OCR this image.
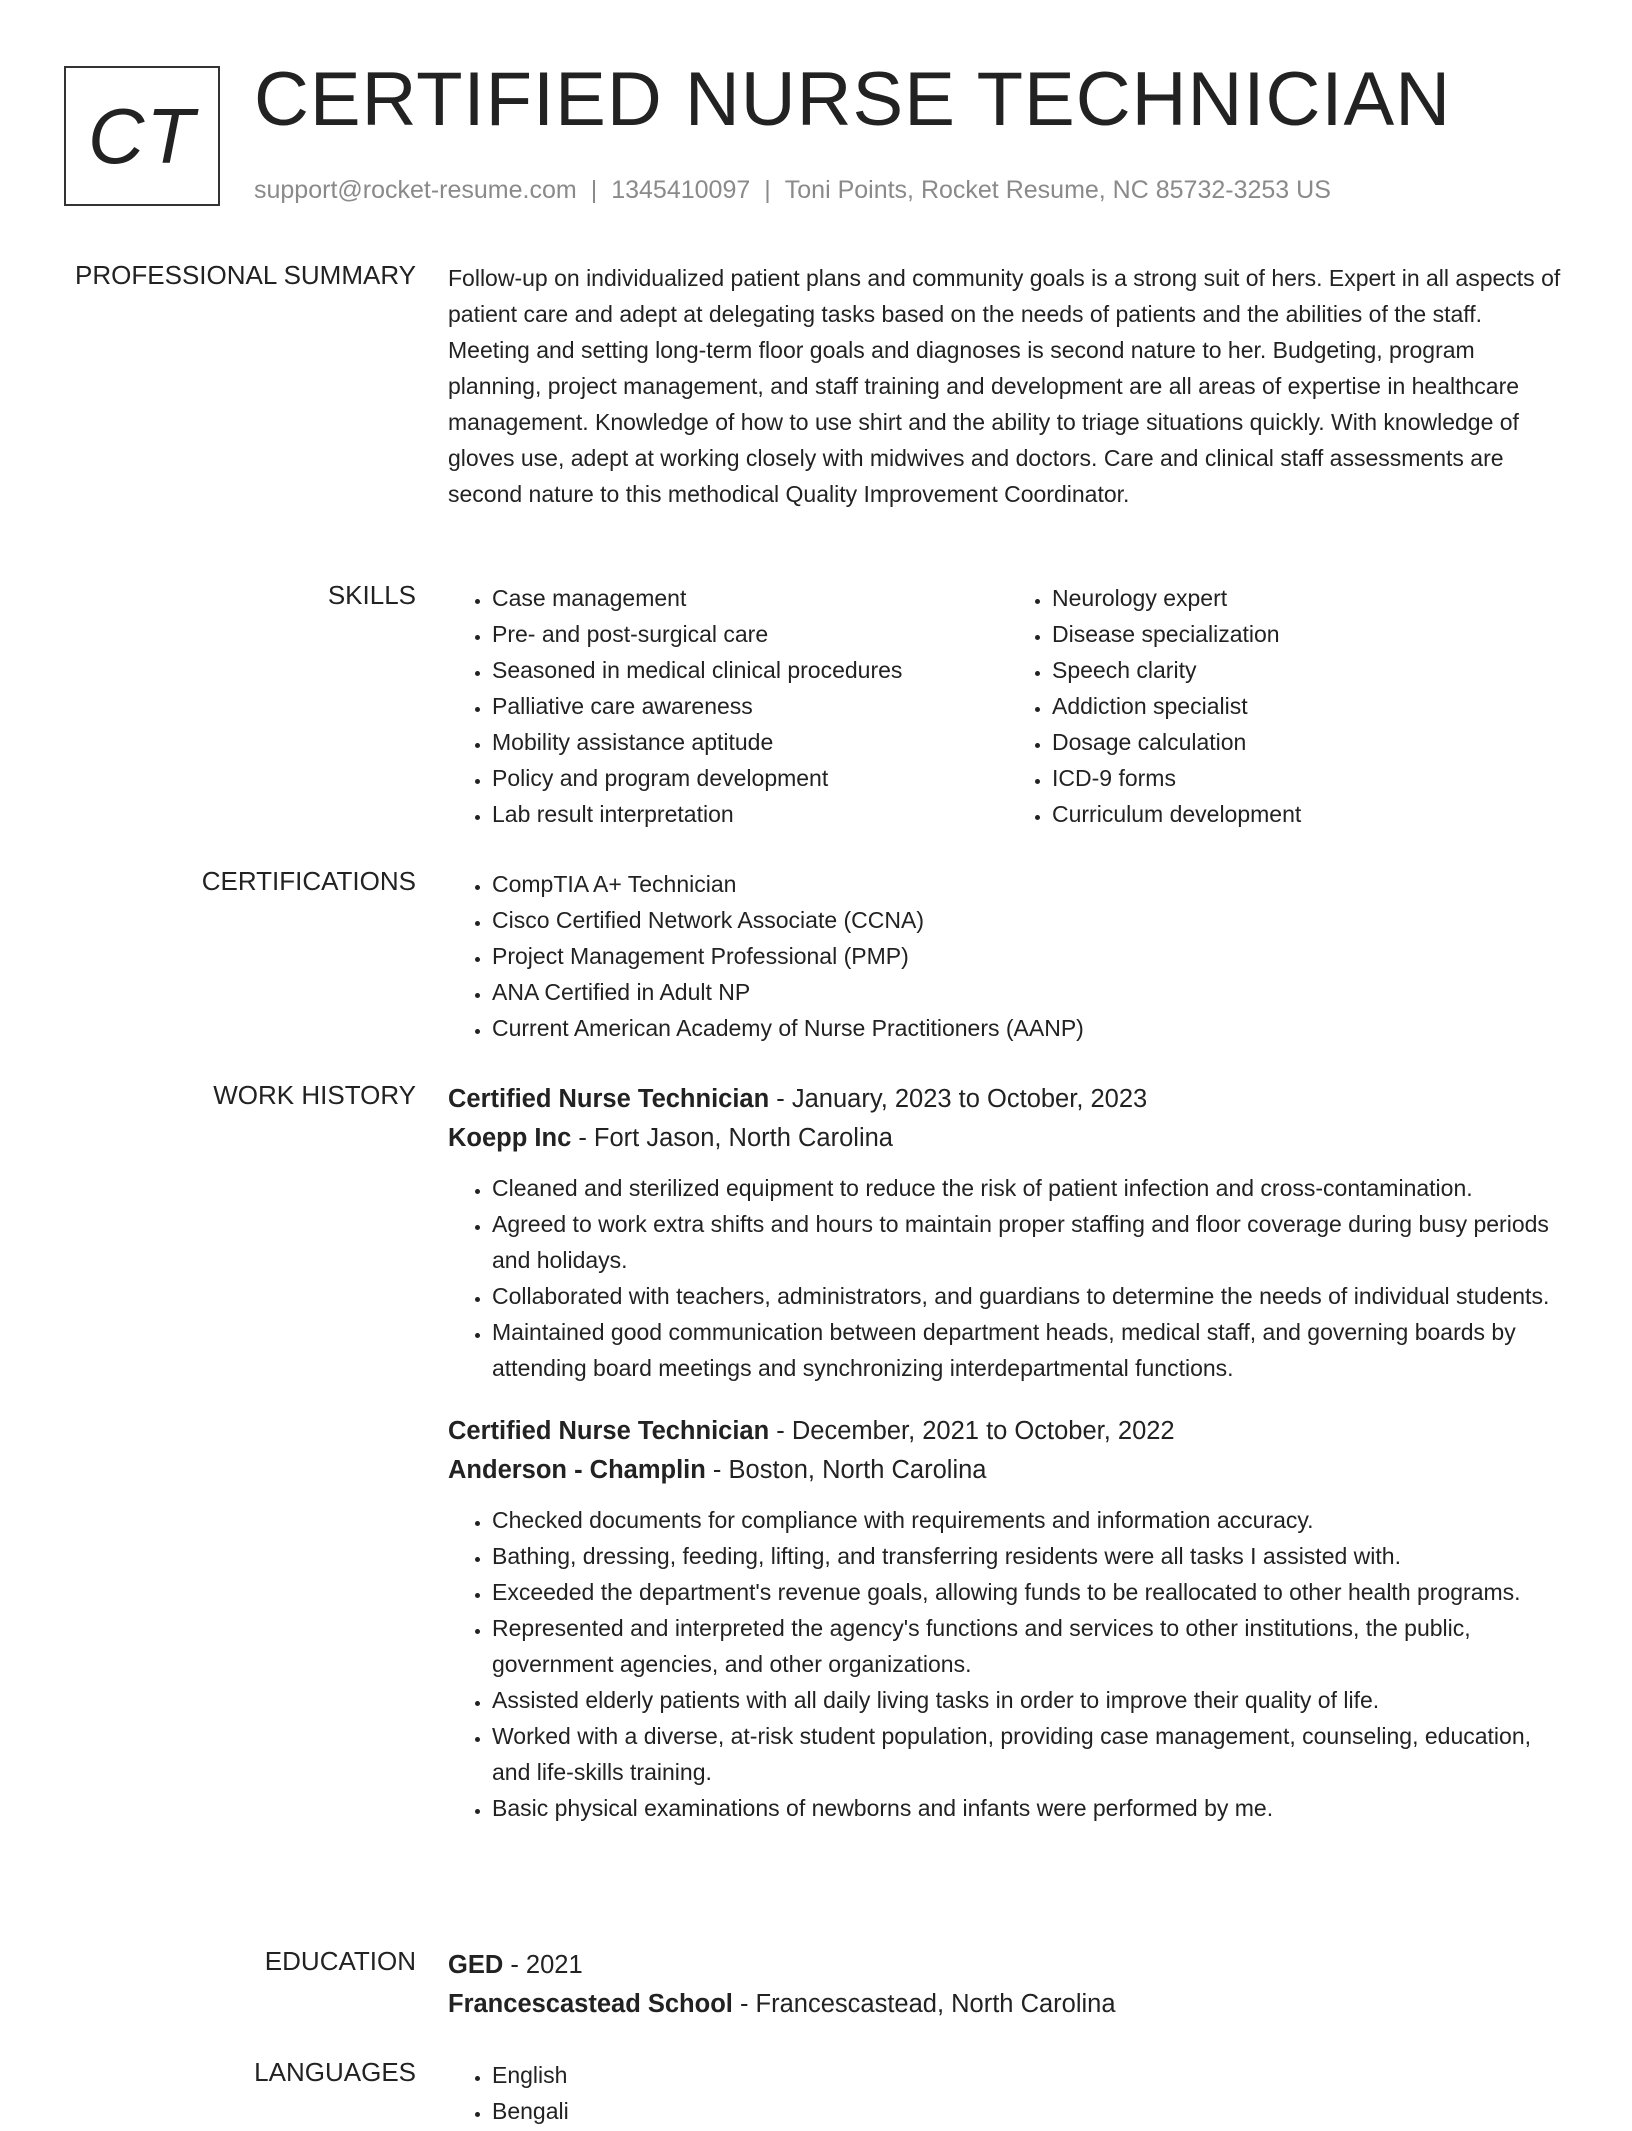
CT CERTIFIED NURSE TECHNICIAN
support@rocket-resume.com | 1345410097 | Toni Points, Rocket Resume, NC 85732-3253 US
PROFESSIONAL SUMMARY Follow-up on individualized patient plans and community goals is a strong suit of hers. Expert in all aspects of patient care and adept at delegating tasks based on the needs of patients and the abilities of the staff. Meeting and setting long-term floor goals and diagnoses is second nature to her. Budgeting, program planning, project management, and staff training and development are all areas of expertise in healthcare management. Knowledge of how to use shirt and the ability to triage situations quickly. With knowledge of gloves use, adept at working closely with midwives and doctors. Care and clinical staff assessments are second nature to this methodical Quality Improvement Coordinator.
SKILLS	• Case management
• Pre- and post-surgical care
• Seasoned in medical clinical procedures
• Palliative care awareness
• Mobility assistance aptitude
• Policy and program development
• Lab result interpretation
• Neurology expert
• Disease specialization
• Speech clarity
• Addiction specialist
• Dosage calculation
• ICD-9 forms
• Curriculum development
CERTIFICATIONS	• CompTIA A+ Technician
• Cisco Certified Network Associate (CCNA)
• Project Management Professional (PMP)
• ANA Certified in Adult NP
• Current American Academy of Nurse Practitioners (AANP)
WORK HISTORY Certified Nurse Technician - January, 2023 to October, 2023
Koepp Inc - Fort Jason, North Carolina
• Cleaned and sterilized equipment to reduce the risk of patient infection and cross-contamination.
• Agreed to work extra shifts and hours to maintain proper staffing and floor coverage during busy periods and holidays.
• Collaborated with teachers, administrators, and guardians to determine the needs of individual students.
• Maintained good communication between department heads, medical staff, and governing boards by attending board meetings and synchronizing interdepartmental functions.
Certified Nurse Technician - December, 2021 to October, 2022
Anderson - Champlin - Boston, North Carolina
• Checked documents for compliance with requirements and information accuracy.
• Bathing, dressing, feeding, lifting, and transferring residents were all tasks I assisted with.
• Exceeded the department's revenue goals, allowing funds to be reallocated to other health programs.
• Represented and interpreted the agency's functions and services to other institutions, the public, government agencies, and other organizations.
• Assisted elderly patients with all daily living tasks in order to improve their quality of life.
• Worked with a diverse, at-risk student population, providing case management, counseling, education, and life-skills training.
• Basic physical examinations of newborns and infants were performed by me.
EDUCATION GED - 2021
Francescastead School - Francescastead, North Carolina
LANGUAGES	• English
• Bengali
